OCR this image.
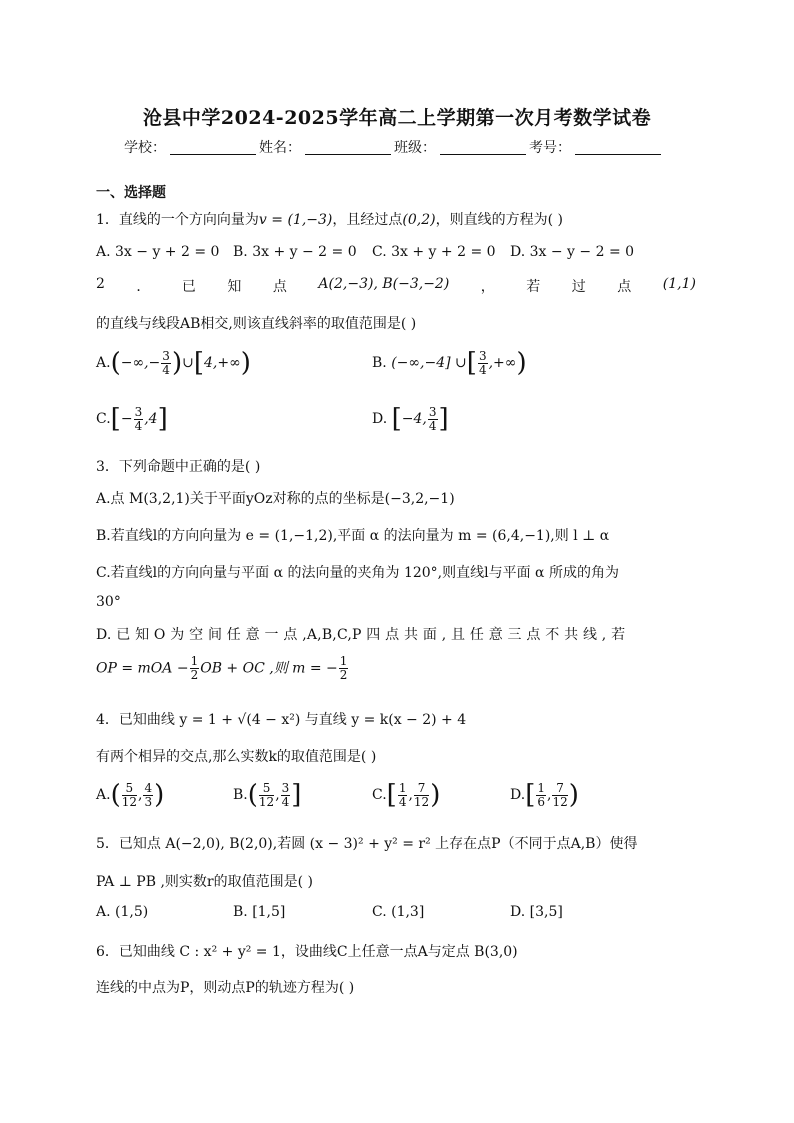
沧县中学2024-2025学年高二上学期第一次月考数学试卷
学校：	姓名：	班级：	考号：
一、选择题
1．直线的一个方向向量为v = (1,−3)，且经过点(0,2)，则直线的方程为( )
A. 3x − y + 2 = 0 B. 3x + y − 2 = 0 C. 3x + y + 2 = 0 D. 3x − y − 2 = 0
2 ． 已 知 点 A(2,−3), B(−3,−2) ， 若 过 点 (1,1)
的直线与线段AB相交,则该直线斜率的取值范围是( )
$A.(-\infty,- \frac{3}{4}$ )∪[4,+∞)	B. (−∞,−4] ∪[ $\frac{3}{4}$ ,+∞)
$C.[- \frac{3}{4} ,4]$	D. [−4, $\frac{3}{4}$ ]
3．下列命题中正确的是( )
A.点 M(3,2,1)关于平面yOz对称的点的坐标是(−3,2,−1)
B.若直线l的方向向量为 e = (1,−1,2),平面 α 的法向量为 m = (6,4,−1),则 l ⊥ α
C.若直线l的方向向量与平面 α 的法向量的夹角为 120°,则直线l与平面 α 所成的角为
30°
D. 已 知 O 为 空 间 任 意 一 点 ,A,B,C,P 四 点 共 面 , 且 任 意 三 点 不 共 线 , 若
OP = mOA − $\frac{1}{2}$ OB + OC ,则 m = − $\frac{1}{2}$
4．已知曲线 y = 1 + √(4 − x²) 与直线 y = k(x − 2) + 4
有两个相异的交点,那么实数k的取值范围是( )
$A.( \frac{5}{12}$ , $\frac{4}{3}$ )	$B.( \frac{5}{12}$ , $\frac{3}{4}$ ]	$C.[ \frac{1}{4}$ , $\frac{7}{12}$ )	$D.[ \frac{1}{6}$ , $\frac{7}{12}$ )
5．已知点 A(−2,0), B(2,0),若圆 (x − 3)² + y² = r² 上存在点P（不同于点A,B）使得
PA ⊥ PB ,则实数r的取值范围是( )
A. (1,5)	B. [1,5]	C. (1,3]	D. [3,5]
6．已知曲线 C : x² + y² = 1，设曲线C上任意一点A与定点 B(3,0)
连线的中点为P，则动点P的轨迹方程为( )
